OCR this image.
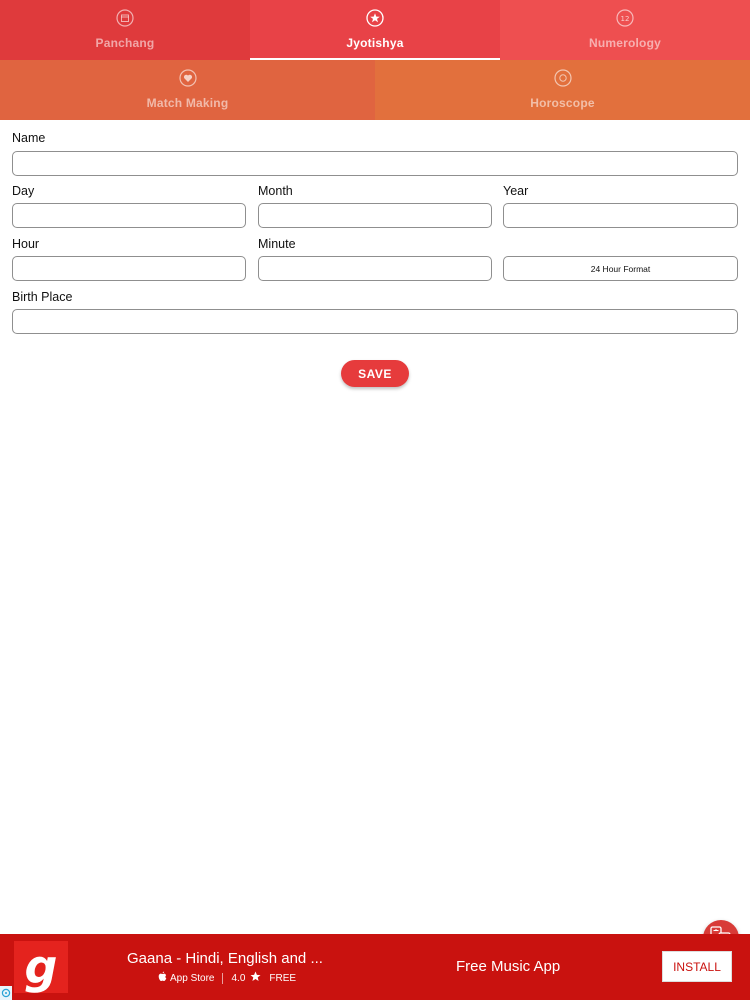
Panchang	Jyotishya
12
Numerology
Match Making	Horoscope
Name
Day	Month	Year
Hour	Minute
24 Hour Format
Birth Place
SAVE
g	Gaana - Hindi, English and ...
App Store 4.0 FREE
Free Music App	INSTALL
